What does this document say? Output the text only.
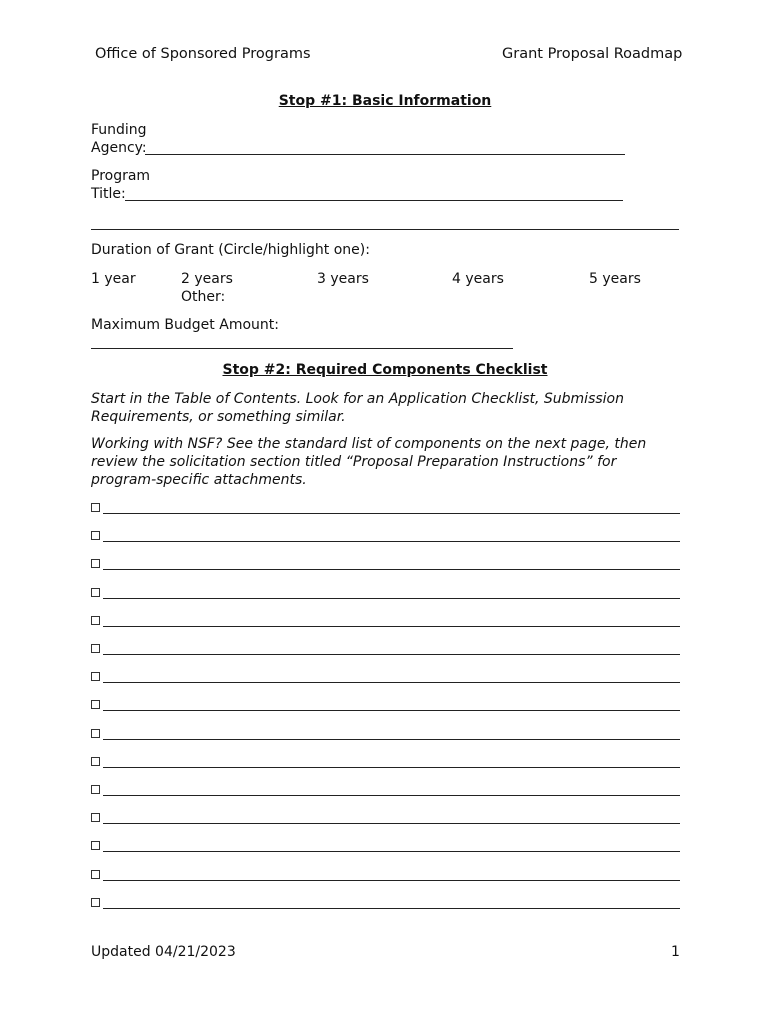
Office of Sponsored Programs	Grant Proposal Roadmap
Stop #1: Basic Information
Funding
Agency:
Program
Title:
Duration of Grant (Circle/highlight one):
1 year	2 years
Other:
3 years	4 years	5 years
Maximum Budget Amount:
Stop #2: Required Components Checklist
Start in the Table of Contents. Look for an Application Checklist, Submission Requirements, or something similar.
Working with NSF? See the standard list of components on the next page, then review the solicitation section titled “Proposal Preparation Instructions” for program-specific attachments.
Updated 04/21/2023	1
